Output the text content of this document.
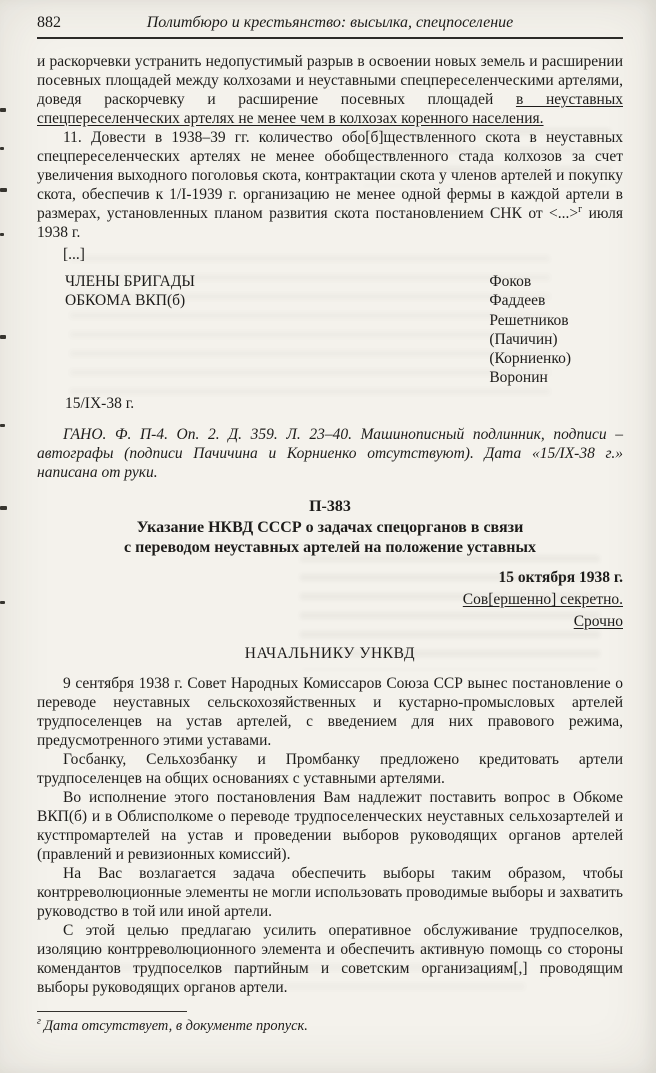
882	Политбюро и крестьянство: высылка, спецпоселение

и раскорчевки устранить недопустимый разрыв в освоении новых земель и расширении посевных площадей между колхозами и неуставными спецпереселенческими артелями, доведя раскорчевку и расширение посевных площадей в неуставных спецпереселенческих артелях не менее чем в колхозах коренного населения.

11. Довести в 1938–39 гг. количество обо[б]ществленного скота в неуставных спецпереселенческих артелях не менее обобществленного стада колхозов за счет увеличения выходного поголовья скота, контрактации скота у членов артелей и покупку скота, обеспечив к 1/I-1939 г. организацию не менее одной фермы в каждой артели в размерах, установленных планом развития скота постановлением СНК от <...>$^г$ июля 1938 г.

[...]

ЧЛЕНЫ БРИГАДЫ
ОБКОМА ВКП(б)
Фоков
Фаддеев
Решетников
(Пачичин)
(Корниенко)
Воронин

15/IX-38 г.

ГАНО. Ф. П-4. Оп. 2. Д. 359. Л. 23–40. Машинописный подлинник, подписи – автографы (подписи Пачичина и Корниенко отсутствуют). Дата «15/IX-38 г.» написана от руки.

П-383
Указание НКВД СССР о задачах спецорганов в связи
с переводом неуставных артелей на положение уставных
15 октября 1938 г.
Сов[ершенно] секретно.
Срочно
НАЧАЛЬНИКУ УНКВД

9 сентября 1938 г. Совет Народных Комиссаров Союза ССР вынес постановление о переводе неуставных сельскохозяйственных и кустарно-промысловых артелей трудпоселенцев на устав артелей, с введением для них правового режима, предусмотренного этими уставами.

Госбанку, Сельхозбанку и Промбанку предложено кредитовать артели трудпоселенцев на общих основаниях с уставными артелями.

Во исполнение этого постановления Вам надлежит поставить вопрос в Обкоме ВКП(б) и в Облисполкоме о переводе трудпоселенческих неуставных сельхозартелей и кустпромартелей на устав и проведении выборов руководящих органов артелей (правлений и ревизионных комиссий).

На Вас возлагается задача обеспечить выборы таким образом, чтобы контрреволюционные элементы не могли использовать проводимые выборы и захватить руководство в той или иной артели.

С этой целью предлагаю усилить оперативное обслуживание трудпоселков, изоляцию контрреволюционного элемента и обеспечить активную помощь со стороны комендантов трудпоселков партийным и советским организациям[,] проводящим выборы руководящих органов артели.

$^г$ Дата отсутствует, в документе пропуск.
